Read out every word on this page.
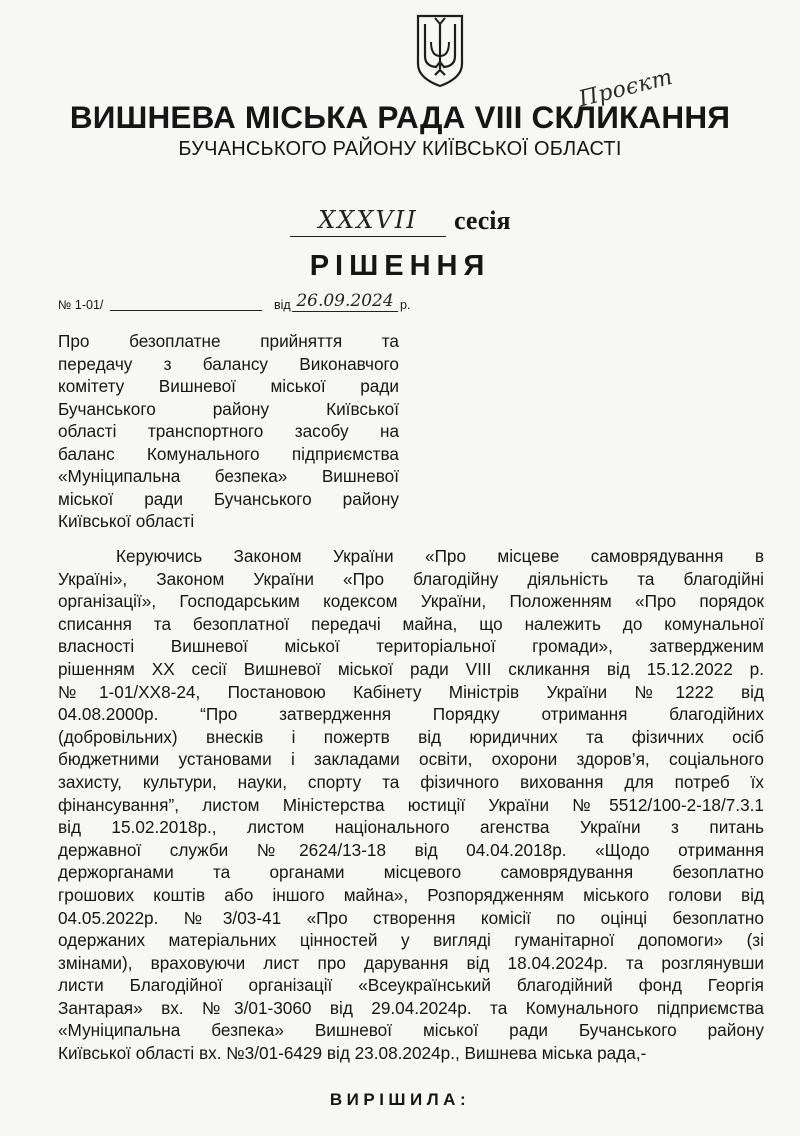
Проєкт
ВИШНЕВА МІСЬКА РАДА VIII СКЛИКАННЯ
БУЧАНСЬКОГО РАЙОНУ КИЇВСЬКОЇ ОБЛАСТІ
XXXVII	сесія
РІШЕННЯ
№ 1-01/	від 26.09.2024 р.
Про безоплатне прийняття та
передачу з балансу Виконавчого
комітету Вишневої міської ради
Бучанського району Київської
області транспортного засобу на
баланс Комунального підприємства
«Муніципальна безпека» Вишневої
міської ради Бучанського району
Київської області
Керуючись Законом України «Про місцеве самоврядування в
Україні», Законом України «Про благодійну діяльність та благодійні
організації», Господарським кодексом України, Положенням «Про порядок
списання та безоплатної передачі майна, що належить до комунальної
власності Вишневої міської територіальної громади», затвердженим
рішенням XX сесії Вишневої міської ради VIII скликання від 15.12.2022 р.
№1-01/XX8-24, Постановою Кабінету Міністрів України №1222 від
04.08.2000р. “Про затвердження Порядку отримання благодійних
(добровільних) внесків і пожертв від юридичних та фізичних осіб
бюджетними установами і закладами освіти, охорони здоров’я, соціального
захисту, культури, науки, спорту та фізичного виховання для потреб їх
фінансування”, листом Міністерства юстиції України №5512/100-2-18/7.3.1
від 15.02.2018р., листом національного агенства України з питань
державної служби №2624/13-18 від 04.04.2018р. «Щодо отримання
держорганами та органами місцевого самоврядування безоплатно
грошових коштів або іншого майна», Розпорядженням міського голови від
04.05.2022р. №3/03-41 «Про створення комісії по оцінці безоплатно
одержаних матеріальних цінностей у вигляді гуманітарної допомоги» (зі
змінами), враховуючи лист про дарування від 18.04.2024р. та розглянувши
листи Благодійної організації «Всеукраїнський благодійний фонд Георгія
Зантарая» вх. №3/01-3060 від 29.04.2024р. та Комунального підприємства
«Муніципальна безпека» Вишневої міської ради Бучанського району
Київської області вх. №3/01-6429 від 23.08.2024р., Вишнева міська рада,-
ВИРІШИЛА:
